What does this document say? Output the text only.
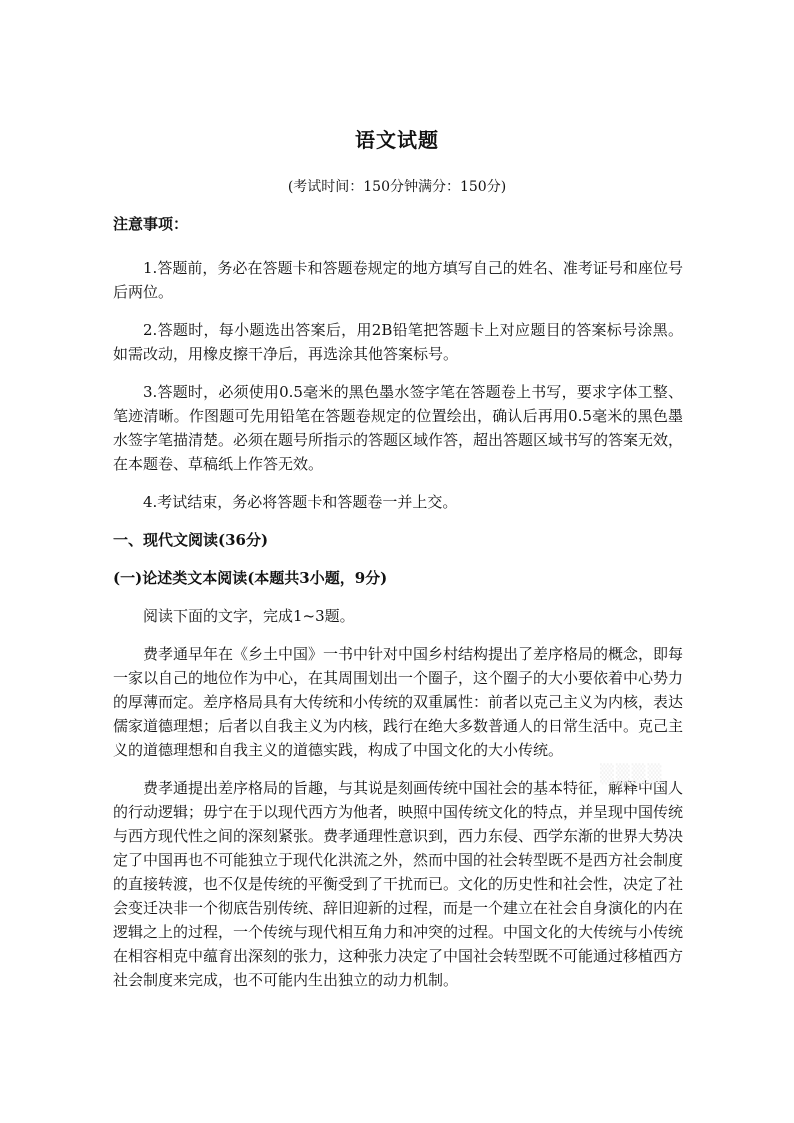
语文试题
(考试时间：150分钟满分：150分)

注意事项：

1.答题前，务必在答题卡和答题卷规定的地方填写自己的姓名、准考证号和座位号后两位。

2.答题时，每小题选出答案后，用2B铅笔把答题卡上对应题目的答案标号涂黑。如需改动，用橡皮擦干净后，再选涂其他答案标号。

3.答题时，必须使用0.5毫米的黑色墨水签字笔在答题卷上书写，要求字体工整、笔迹清晰。作图题可先用铅笔在答题卷规定的位置绘出，确认后再用0.5毫米的黑色墨水签字笔描清楚。必须在题号所指示的答题区域作答，超出答题区域书写的答案无效，在本题卷、草稿纸上作答无效。

4.考试结束，务必将答题卡和答题卷一并上交。

一、现代文阅读(36分)

(一)论述类文本阅读(本题共3小题，9分)

阅读下面的文字，完成1~3题。

费孝通早年在《乡土中国》一书中针对中国乡村结构提出了差序格局的概念，即每一家以自己的地位作为中心，在其周围划出一个圈子，这个圈子的大小要依着中心势力的厚薄而定。差序格局具有大传统和小传统的双重属性：前者以克己主义为内核，表达儒家道德理想；后者以自我主义为内核，践行在绝大多数普通人的日常生活中。克己主义的道德理想和自我主义的道德实践，构成了中国文化的大小传统。

费孝通提出差序格局的旨趣，与其说是刻画传统中国社会的基本特征，解释中国人的行动逻辑；毋宁在于以现代西方为他者，映照中国传统文化的特点，并呈现中国传统与西方现代性之间的深刻紧张。费孝通理性意识到，西力东侵、西学东渐的世界大势决定了中国再也不可能独立于现代化洪流之外，然而中国的社会转型既不是西方社会制度的直接转渡，也不仅是传统的平衡受到了干扰而已。文化的历史性和社会性，决定了社会变迁决非一个彻底告别传统、辞旧迎新的过程，而是一个建立在社会自身演化的内在逻辑之上的过程，一个传统与现代相互角力和冲突的过程。中国文化的大传统与小传统在相容相克中蕴育出深刻的张力，这种张力决定了中国社会转型既不可能通过移植西方社会制度来完成，也不可能内生出独立的动力机制。

▒▒▒▒
